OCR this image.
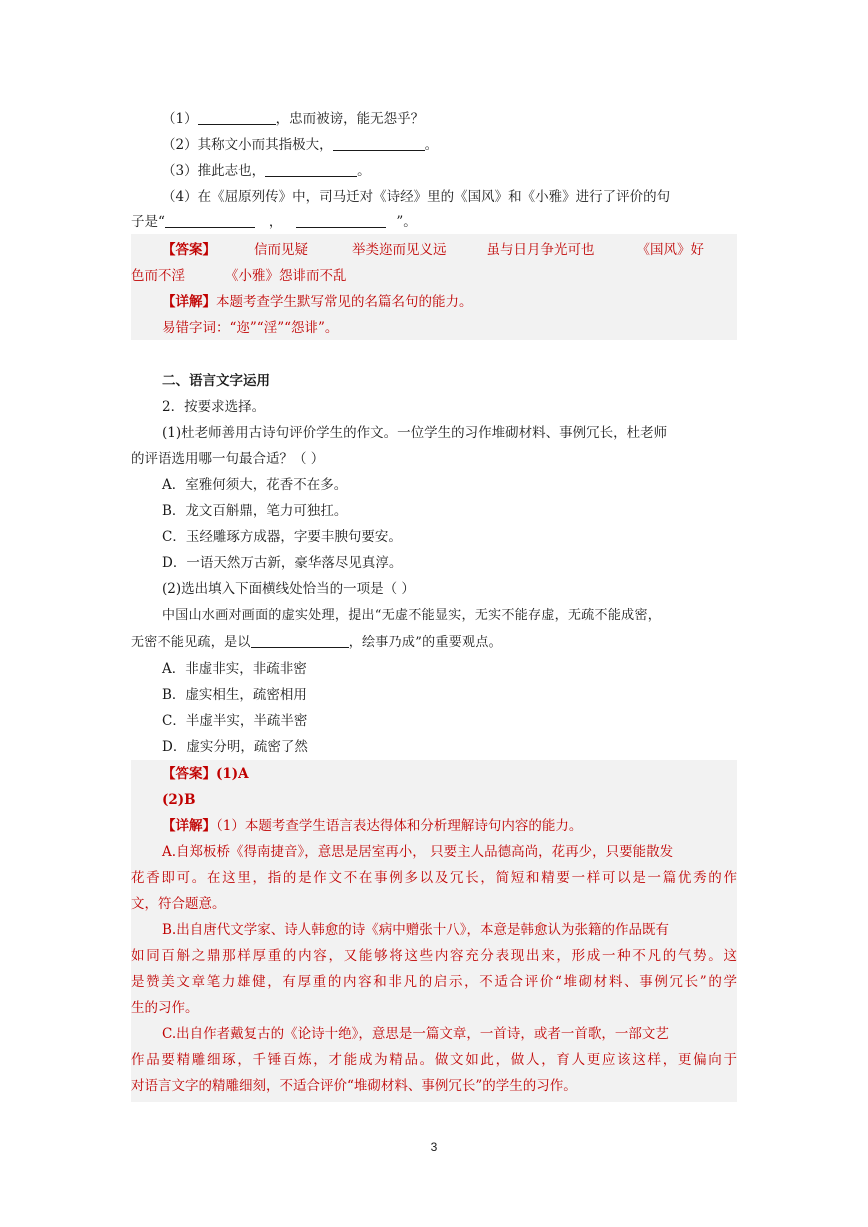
（1）	，忠而被谤，能无怨乎？
（2）其称文小而其指极大，	。
（3）推此志也，	。
（4）在《屈原列传》中，司马迁对《诗经》里的《国风》和《小雅》进行了评价的句
子是“	，	”。
【答案】	信而见疑	举类迩而见义远	虽与日月争光可也	《国风》好
色而不淫	《小雅》怨诽而不乱
【详解】本题考查学生默写常见的名篇名句的能力。
易错字词：“迩”“淫”“怨诽”。
二、语言文字运用
2．按要求选择。
(1)杜老师善用古诗句评价学生的作文。一位学生的习作堆砌材料、事例冗长，杜老师
的评语选用哪一句最合适？（ ）
A．室雅何须大，花香不在多。
B．龙文百斛鼎，笔力可独扛。
C．玉经雕琢方成器，字要丰腴句要安。
D．一语天然万古新，豪华落尽见真淳。
(2)选出填入下面横线处恰当的一项是（ ）
中国山水画对画面的虚实处理，提出“无虚不能显实，无实不能存虚，无疏不能成密，
无密不能见疏，是以	，绘事乃成”的重要观点。
A．非虚非实，非疏非密
B．虚实相生，疏密相用
C．半虚半实，半疏半密
D．虚实分明，疏密了然
【答案】(1)A
(2)B
【详解】（1）本题考查学生语言表达得体和分析理解诗句内容的能力。
A.自郑板桥《得南捷音》，意思是居室再小， 只要主人品德高尚，花再少，只要能散发
花香即可。在这里，指的是作文不在事例多以及冗长，简短和精要一样可以是一篇优秀的作
文，符合题意。
B.出自唐代文学家、诗人韩愈的诗《病中赠张十八》，本意是韩愈认为张籍的作品既有
如同百斛之鼎那样厚重的内容，又能够将这些内容充分表现出来，形成一种不凡的气势。这
是赞美文章笔力雄健，有厚重的内容和非凡的启示，不适合评价“堆砌材料、事例冗长”的学
生的习作。
C.出自作者戴复古的《论诗十绝》，意思是一篇文章，一首诗，或者一首歌，一部文艺
作品要精雕细琢，千锤百炼，才能成为精品。做文如此，做人，育人更应该这样，更偏向于
对语言文字的精雕细刻，不适合评价“堆砌材料、事例冗长”的学生的习作。
3
